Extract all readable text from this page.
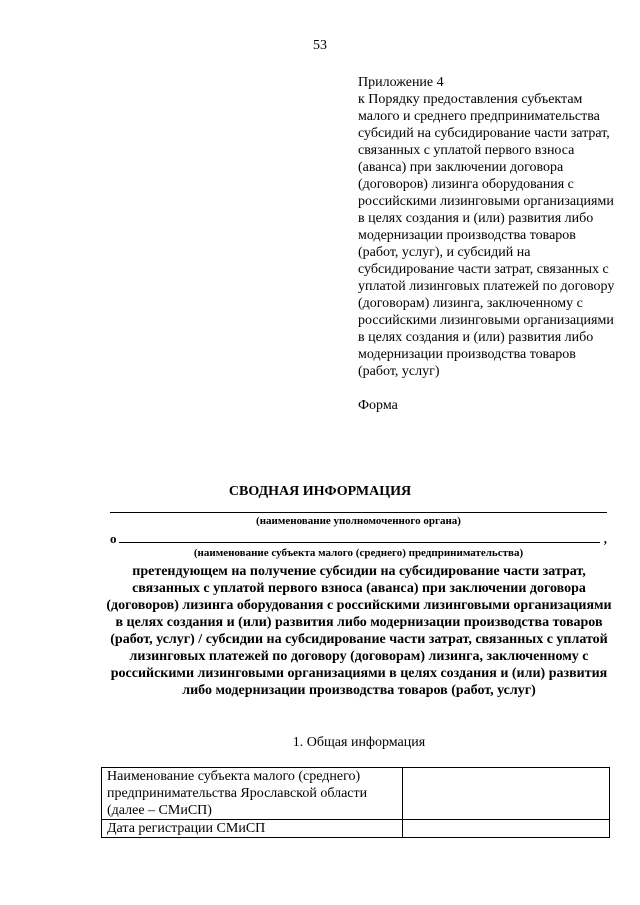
53
Приложение 4
к Порядку предоставления субъектам малого и среднего предпринимательства субсидий на субсидирование части затрат, связанных с уплатой первого взноса (аванса) при заключении договора (договоров) лизинга оборудования с российскими лизинговыми организациями в целях создания и (или) развития либо модернизации производства товаров (работ, услуг), и субсидий на субсидирование части затрат, связанных с уплатой лизинговых платежей по договору (договорам) лизинга, заключенному с российскими лизинговыми организациями в целях создания и (или) развития либо модернизации производства товаров (работ, услуг)
Форма
СВОДНАЯ ИНФОРМАЦИЯ
(наименование уполномоченного органа)
о	,
(наименование субъекта малого (среднего) предпринимательства)
претендующем на получение субсидии на субсидирование части затрат, связанных с уплатой первого взноса (аванса) при заключении договора (договоров) лизинга оборудования с российскими лизинговыми организациями в целях создания и (или) развития либо модернизации производства товаров (работ, услуг) / субсидии на субсидирование части затрат, связанных с уплатой лизинговых платежей по договору (договорам) лизинга, заключенному с российскими лизинговыми организациями в целях создания и (или) развития либо модернизации производства товаров (работ, услуг)
1. Общая информация
Наименование субъекта малого (среднего) предпринимательства Ярославской области (далее – СМиСП)	
Дата регистрации СМиСП	
